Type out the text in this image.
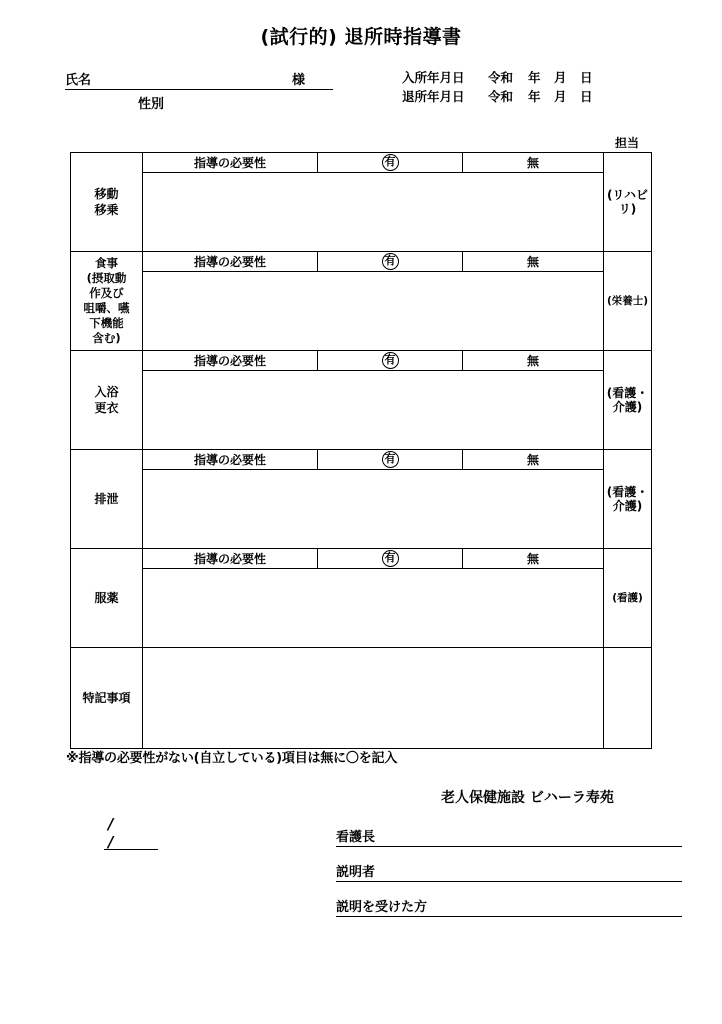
(試行的) 退所時指導書
氏名	様
性別
入所年月日	令和	年	月	日
退所年月日	令和	年	月	日
担当
移動
移乗	指導の必要性	有	無	(リハビリ)

食事
(摂取動
作及び
咀嚼、嚥
下機能
含む)	指導の必要性	有	無	(栄養士)

入浴
更衣	指導の必要性	有	無	(看護・介護)

排泄	指導の必要性	有	無	(看護・介護)

服薬	指導の必要性	有	無	(看護)

特記事項				
※指導の必要性がない(自立している)項目は無に〇を記入
老人保健施設 ビハーラ寿苑
/ /	看護長
説明者
説明を受けた方
